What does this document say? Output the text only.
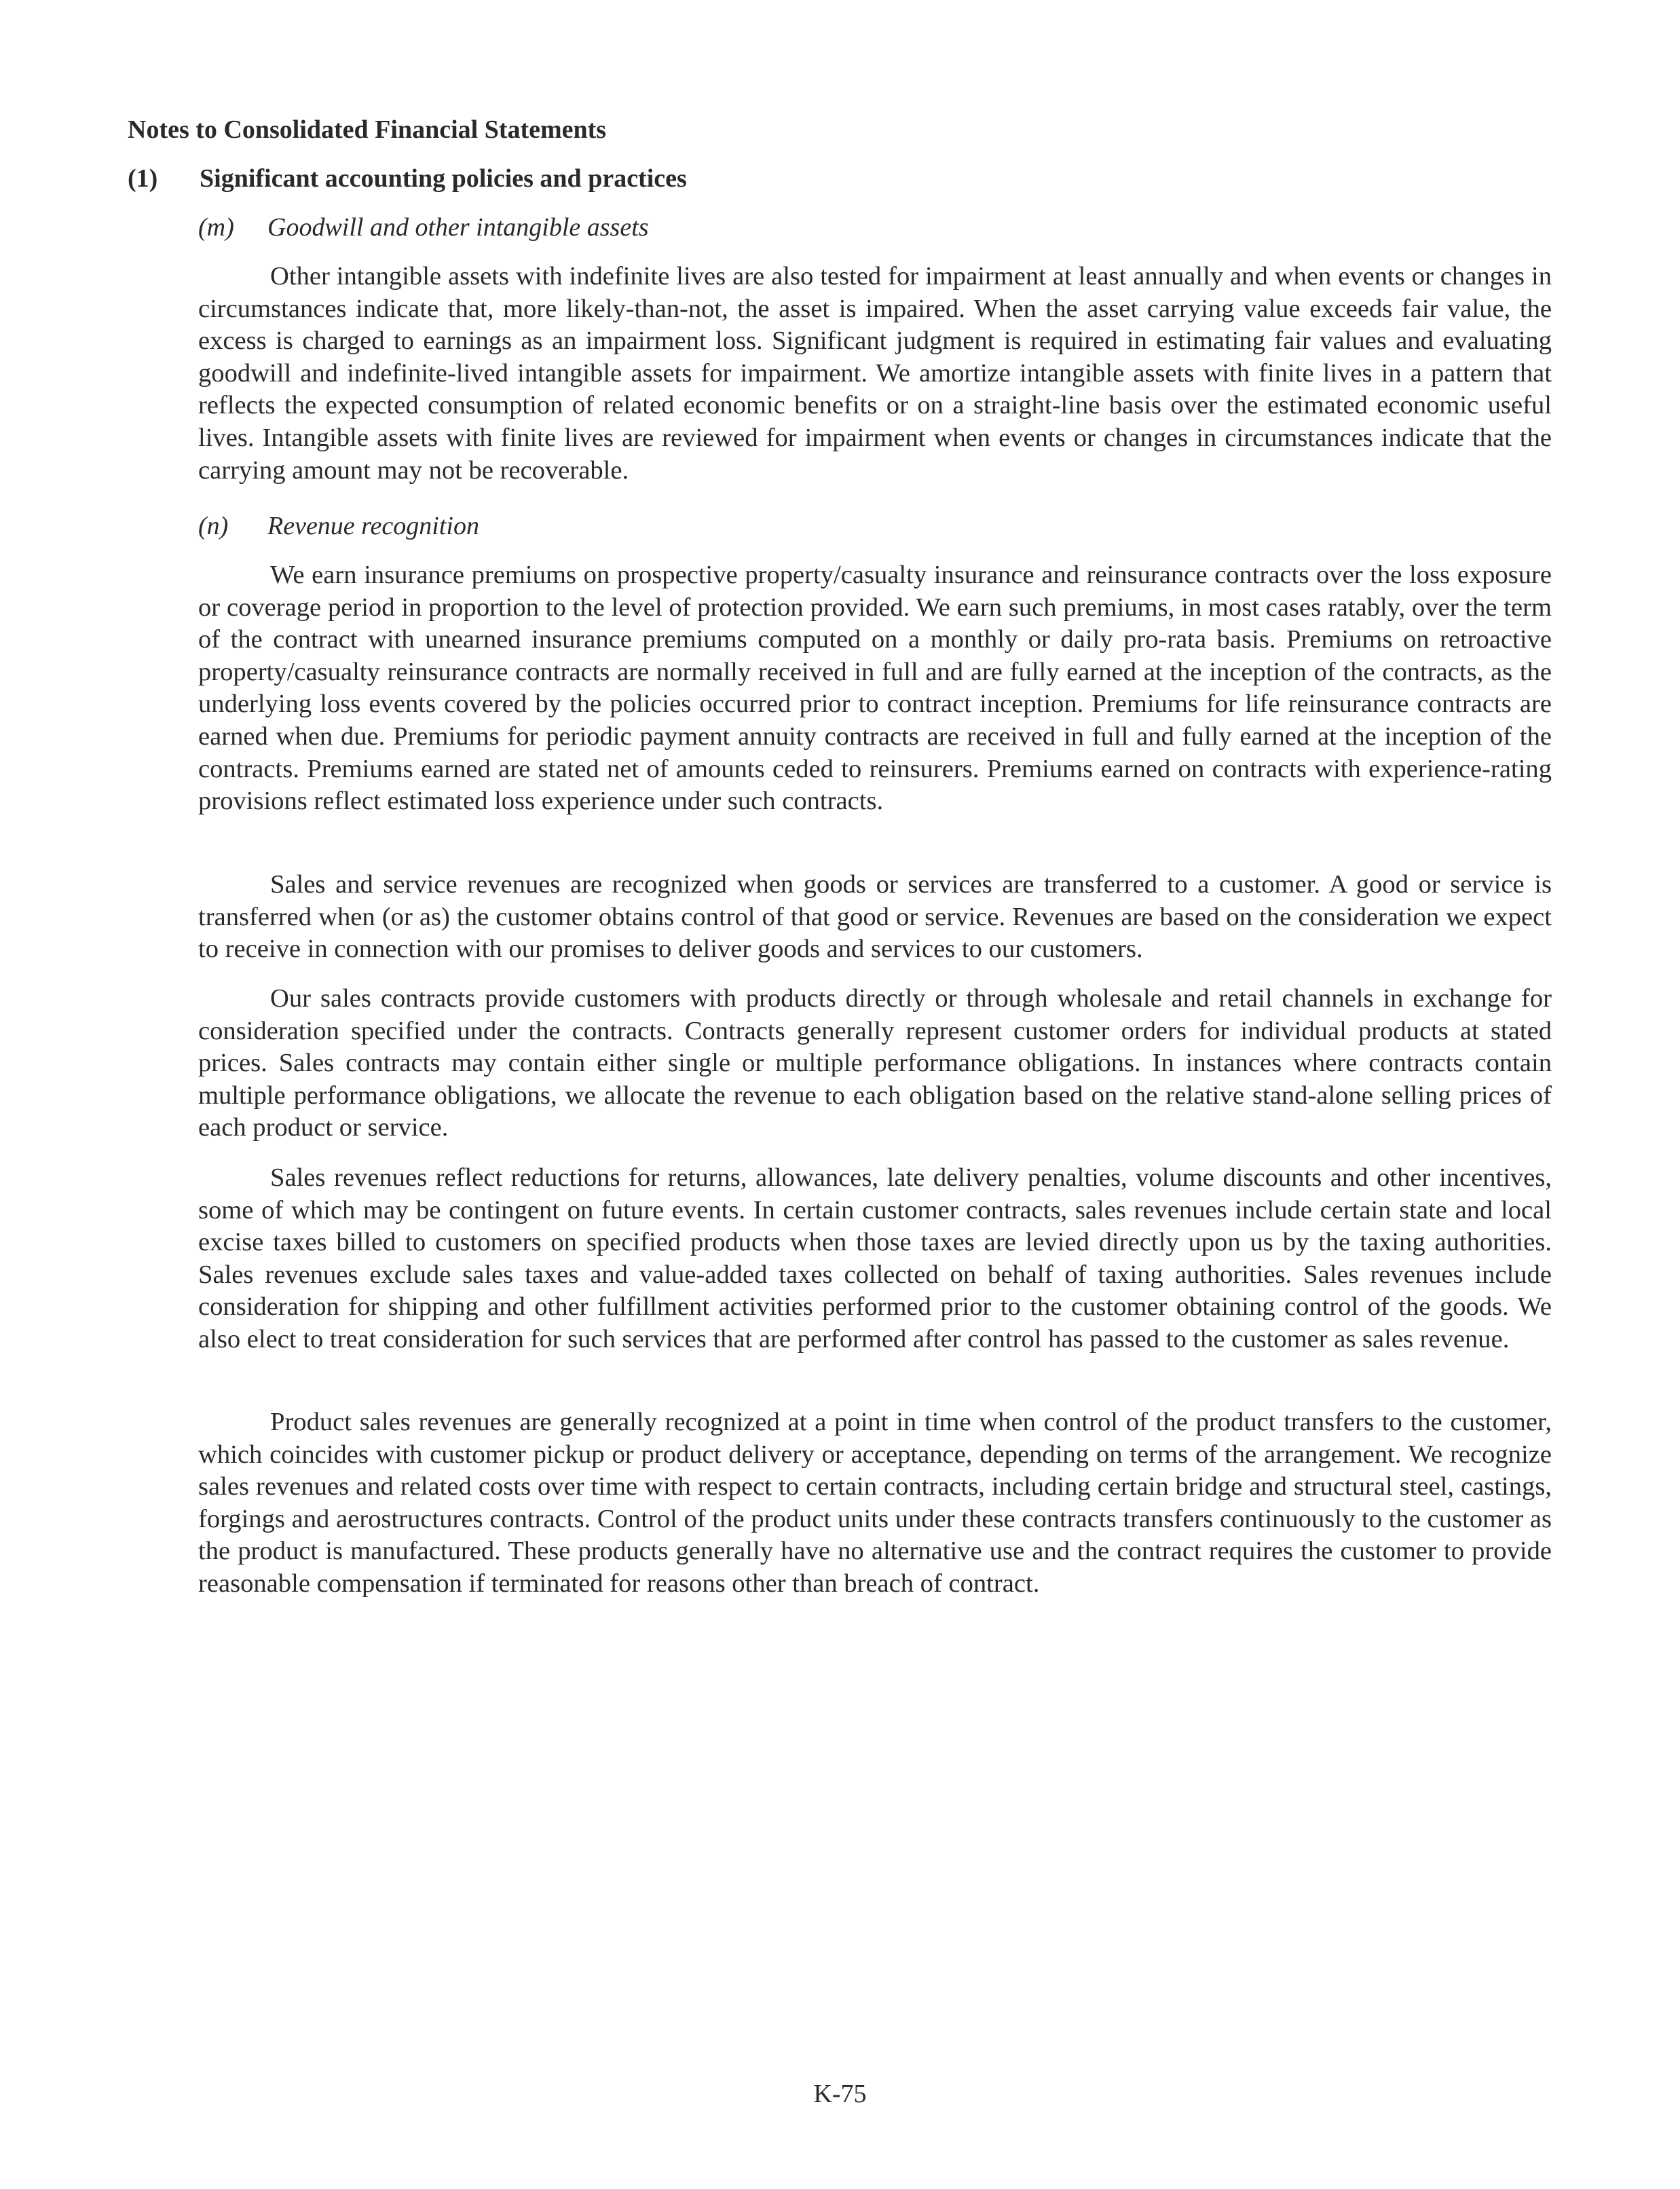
Notes to Consolidated Financial Statements
(1) Significant accounting policies and practices
(m) Goodwill and other intangible assets

Other intangible assets with indefinite lives are also tested for impairment at least annually and when events or changes in circumstances indicate that, more likely-than-not, the asset is impaired. When the asset carrying value exceeds fair value, the excess is charged to earnings as an impairment loss. Significant judgment is required in estimating fair values and evaluating goodwill and indefinite-lived intangible assets for impairment. We amortize intangible assets with finite lives in a pattern that reflects the expected consumption of related economic benefits or on a straight-line basis over the estimated economic useful lives. Intangible assets with finite lives are reviewed for impairment when events or changes in circumstances indicate that the carrying amount may not be recoverable.

(n) Revenue recognition

We earn insurance premiums on prospective property/casualty insurance and reinsurance contracts over the loss exposure or coverage period in proportion to the level of protection provided. We earn such premiums, in most cases ratably, over the term of the contract with unearned insurance premiums computed on a monthly or daily pro-rata basis. Premiums on retroactive property/casualty reinsurance contracts are normally received in full and are fully earned at the inception of the contracts, as the underlying loss events covered by the policies occurred prior to contract inception. Premiums for life reinsurance contracts are earned when due. Premiums for periodic payment annuity contracts are received in full and fully earned at the inception of the contracts. Premiums earned are stated net of amounts ceded to reinsurers. Premiums earned on contracts with experience-rating provisions reflect estimated loss experience under such contracts.

Sales and service revenues are recognized when goods or services are transferred to a customer. A good or service is transferred when (or as) the customer obtains control of that good or service. Revenues are based on the consideration we expect to receive in connection with our promises to deliver goods and services to our customers.

Our sales contracts provide customers with products directly or through wholesale and retail channels in exchange for consideration specified under the contracts. Contracts generally represent customer orders for individual products at stated prices. Sales contracts may contain either single or multiple performance obligations. In instances where contracts contain multiple performance obligations, we allocate the revenue to each obligation based on the relative stand-alone selling prices of each product or service.

Sales revenues reflect reductions for returns, allowances, late delivery penalties, volume discounts and other incentives, some of which may be contingent on future events. In certain customer contracts, sales revenues include certain state and local excise taxes billed to customers on specified products when those taxes are levied directly upon us by the taxing authorities. Sales revenues exclude sales taxes and value-added taxes collected on behalf of taxing authorities. Sales revenues include consideration for shipping and other fulfillment activities performed prior to the customer obtaining control of the goods. We also elect to treat consideration for such services that are performed after control has passed to the customer as sales revenue.

Product sales revenues are generally recognized at a point in time when control of the product transfers to the customer, which coincides with customer pickup or product delivery or acceptance, depending on terms of the arrangement. We recognize sales revenues and related costs over time with respect to certain contracts, including certain bridge and structural steel, castings, forgings and aerostructures contracts. Control of the product units under these contracts transfers continuously to the customer as the product is manufactured. These products generally have no alternative use and the contract requires the customer to provide reasonable compensation if terminated for reasons other than breach of contract.

K-75
